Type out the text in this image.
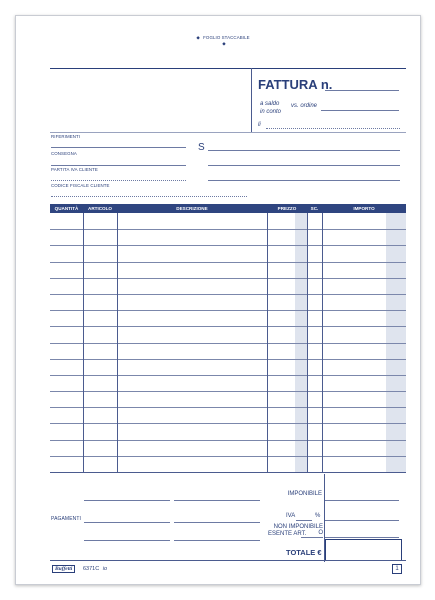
◆ FOGLIO STACCABILE ◆
FATTURA n.
a saldo
in conto
vs. ordine
li
RIFERIMENTI
S
CONSEGNA
PARTITA IVA CLIENTE
CODICE FISCALE CLIENTE
QUANTITÀ	ARTICOLO	DESCRIZIONE	PREZZO	SC.	IMPORTO
IMPONIBILE
IVA	%
NON IMPONIBILE O
ESENTE ART.
TOTALE €
PAGAMENTI
Buffetti	6371C io	1
